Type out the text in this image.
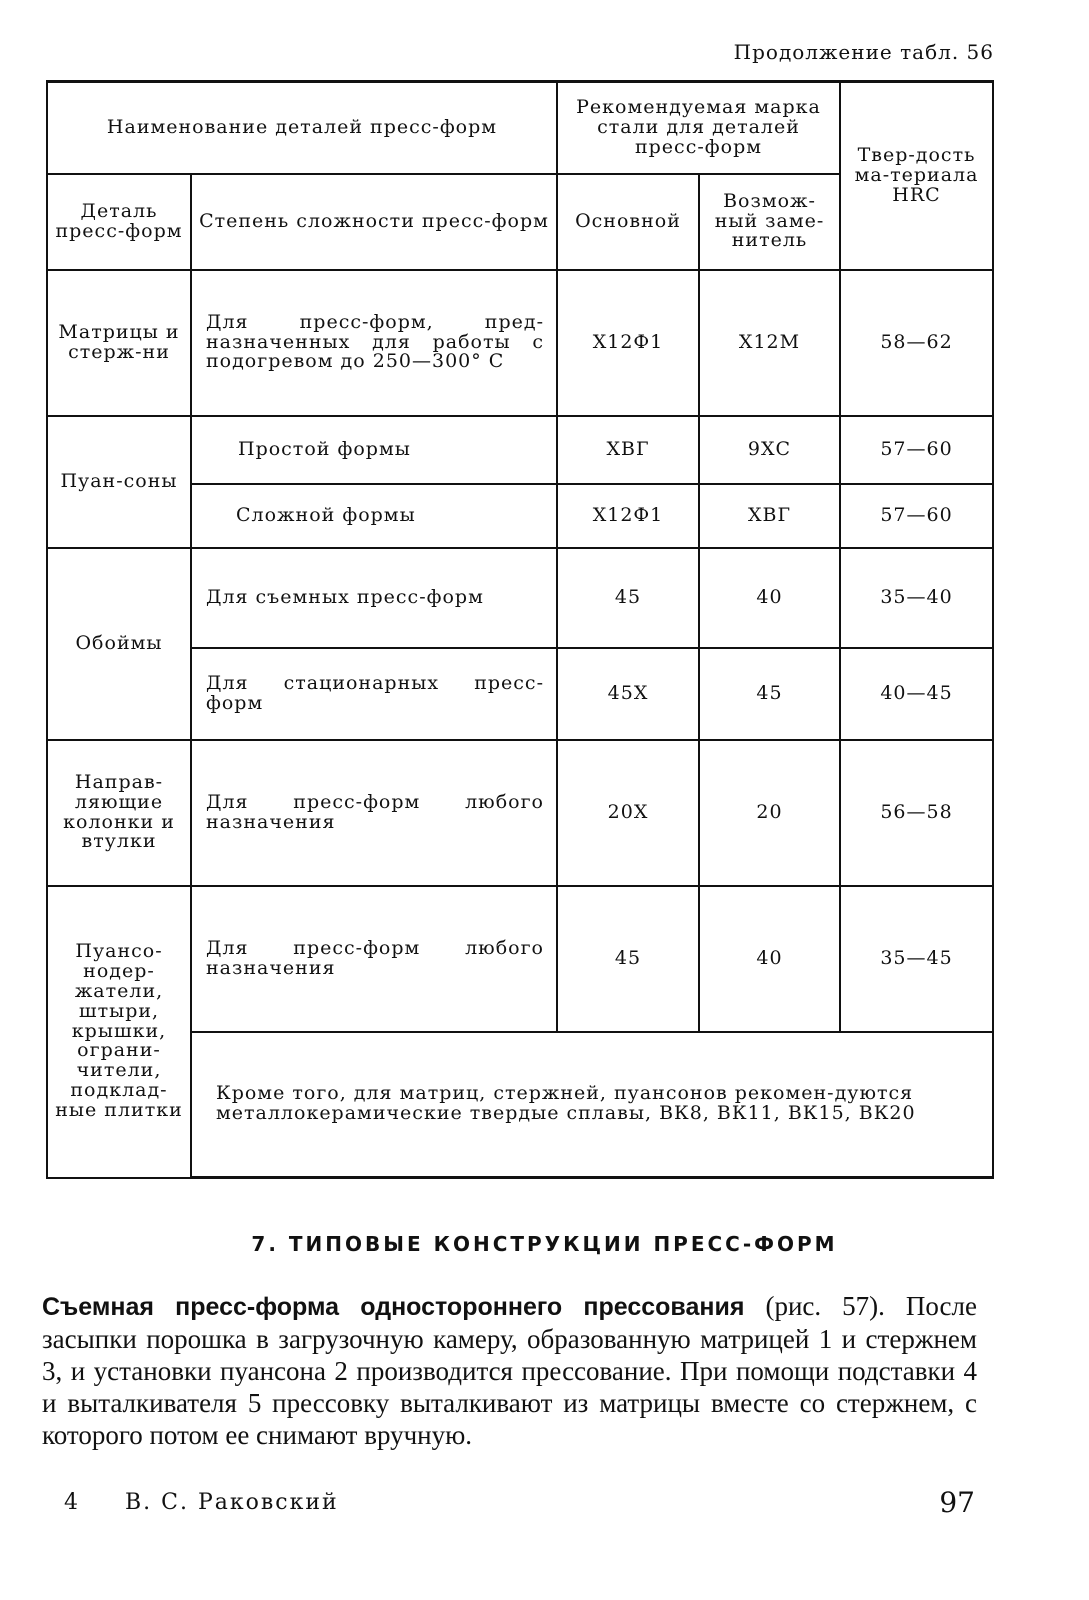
Продолжение табл. 56
Наименование деталей пресс-форм		Рекомендуемая марка стали для деталей пресс-форм		Твер-дость ма-териала HRC
Деталь пресс-форм	Степень сложности пресс-форм	Основной	Возмож-ный заме-нитель	
Матрицы и стерж-ни	Для пресс-форм, пред-назначенных для работы с подогревом до 250—300° С	Х12Ф1	Х12М	58—62
Пуан-соны	Простой формы	ХВГ	9ХС	57—60
	Сложной формы	Х12Ф1	ХВГ	57—60
Обоймы	Для съемных пресс-форм	45	40	35—40
	Для стационарных пресс-форм	45Х	45	40—45
Направ-ляющие колонки и втулки	Для пресс-форм любого назначения	20Х	20	56—58
Пуансо-нодер-жатели, штыри, крышки, ограни-чители, подклад-ные плитки	Для пресс-форм любого назначения	45	40	35—45
	Кроме того, для матриц, стержней, пуансонов рекомен-дуются металлокерамические твердые сплавы, ВК8, ВК11, ВК15, ВК20			
7. ТИПОВЫЕ КОНСТРУКЦИИ ПРЕСС-ФОРМ
Съемная пресс-форма одностороннего прессования (рис. 57). После засыпки порошка в загрузочную камеру, образованную матрицей 1 и стержнем 3, и установки пуансона 2 производится прессование. При помощи подставки 4 и выталкивателя 5 прессовку выталкивают из матрицы вместе со стержнем, с которого потом ее снимают вручную.
4 В. С. Раковский	97
